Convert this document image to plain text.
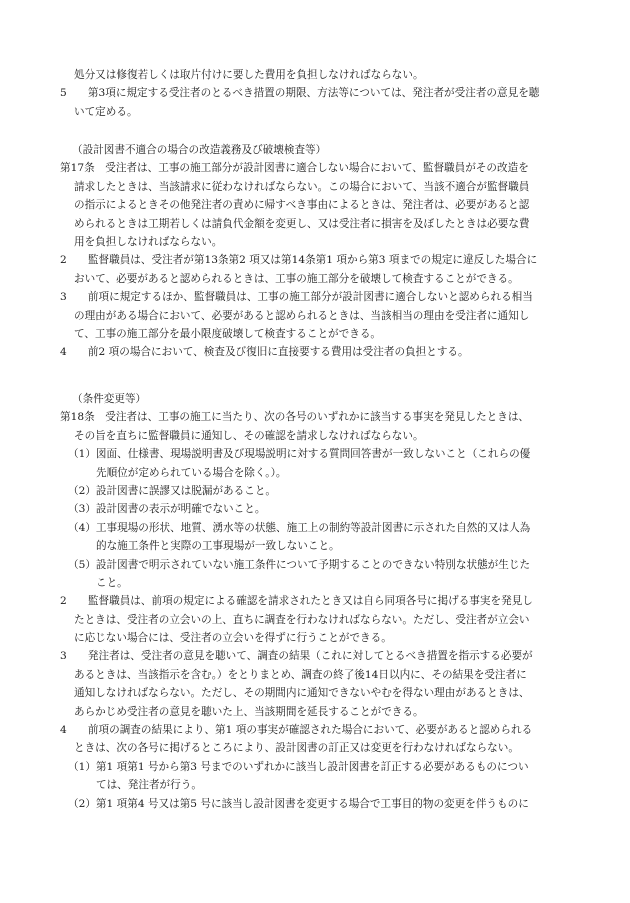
処分又は修復若しくは取片付けに要した費用を負担しなければならない。
5　　第3項に規定する受注者のとるべき措置の期限、方法等については、発注者が受注者の意見を聴
いて定める。
（設計図書不適合の場合の改造義務及び破壊検査等）
第17条　受注者は、工事の施工部分が設計図書に適合しない場合において、監督職員がその改造を
請求したときは、当該請求に従わなければならない。この場合において、当該不適合が監督職員
の指示によるときその他発注者の責めに帰すべき事由によるときは、発注者は、必要があると認
められるときは工期若しくは請負代金額を変更し、又は受注者に損害を及ぼしたときは必要な費
用を負担しなければならない。
2　　監督職員は、受注者が第13条第2 項又は第14条第1 項から第3 項までの規定に違反した場合に
おいて、必要があると認められるときは、工事の施工部分を破壊して検査することができる。
3　　前項に規定するほか、監督職員は、工事の施工部分が設計図書に適合しないと認められる相当
の理由がある場合において、必要があると認められるときは、当該相当の理由を受注者に通知し
て、工事の施工部分を最小限度破壊して検査することができる。
4　　前2 項の場合において、検査及び復旧に直接要する費用は受注者の負担とする。
（条件変更等）
第18条　受注者は、工事の施工に当たり、次の各号のいずれかに該当する事実を発見したときは、
その旨を直ちに監督職員に通知し、その確認を請求しなければならない。
（1）図面、仕様書、現場説明書及び現場説明に対する質問回答書が一致しないこと（これらの優
先順位が定められている場合を除く。）。
（2）設計図書に誤謬又は脱漏があること。
（3）設計図書の表示が明確でないこと。
（4）工事現場の形状、地質、湧水等の状態、施工上の制約等設計図書に示された自然的又は人為
的な施工条件と実際の工事現場が一致しないこと。
（5）設計図書で明示されていない施工条件について予期することのできない特別な状態が生じた
こと。
2　　監督職員は、前項の規定による確認を請求されたとき又は自ら同項各号に掲げる事実を発見し
たときは、受注者の立会いの上、直ちに調査を行わなければならない。ただし、受注者が立会い
に応じない場合には、受注者の立会いを得ずに行うことができる。
3　　発注者は、受注者の意見を聴いて、調査の結果（これに対してとるべき措置を指示する必要が
あるときは、当該指示を含む。）をとりまとめ、調査の終了後14日以内に、その結果を受注者に
通知しなければならない。ただし、その期間内に通知できないやむを得ない理由があるときは、
あらかじめ受注者の意見を聴いた上、当該期間を延長することができる。
4　　前項の調査の結果により、第1 項の事実が確認された場合において、必要があると認められる
ときは、次の各号に掲げるところにより、設計図書の訂正又は変更を行わなければならない。
（1）第1 項第1 号から第3 号までのいずれかに該当し設計図書を訂正する必要があるものについ
ては、発注者が行う。
（2）第1 項第4 号又は第5 号に該当し設計図書を変更する場合で工事目的物の変更を伴うものに
